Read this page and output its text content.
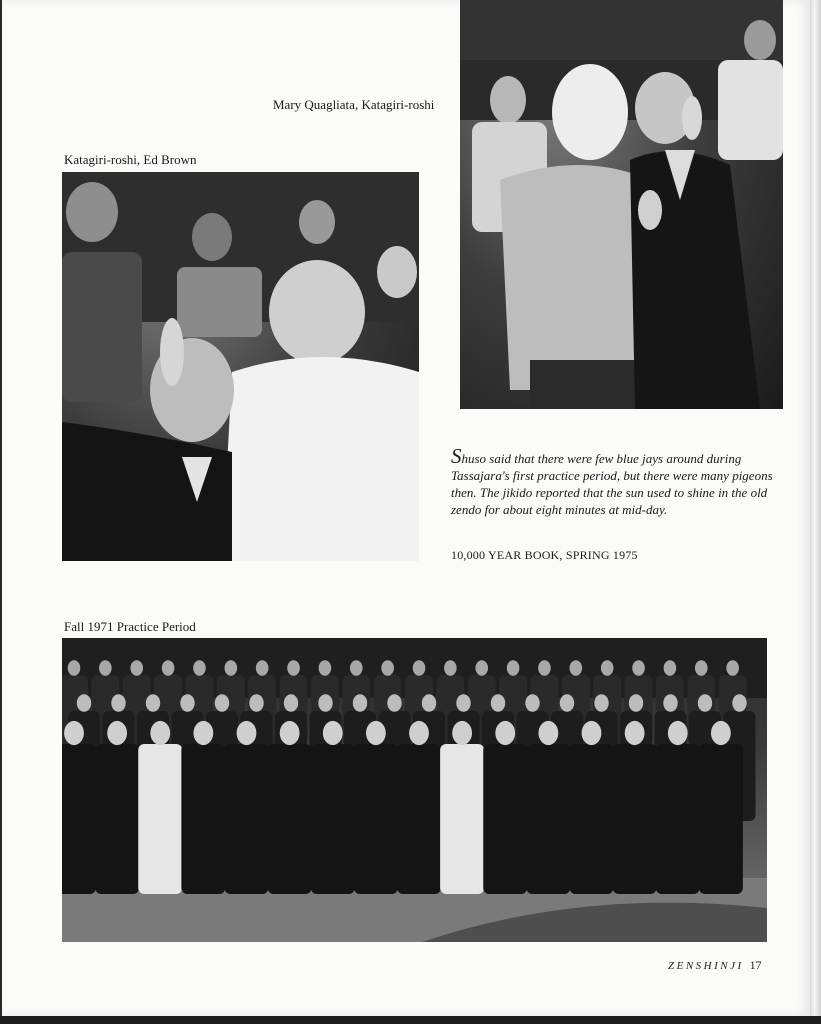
Mary Quagliata, Katagiri-roshi
Katagiri-roshi, Ed Brown
Shuso said that there were few blue jays around during Tassajara's first practice period, but there were many pigeons then. The jikido reported that the sun used to shine in the old zendo for about eight minutes at mid-day.
10,000 YEAR BOOK, SPRING 1975
Fall 1971 Practice Period
ZENSHINJI 17
